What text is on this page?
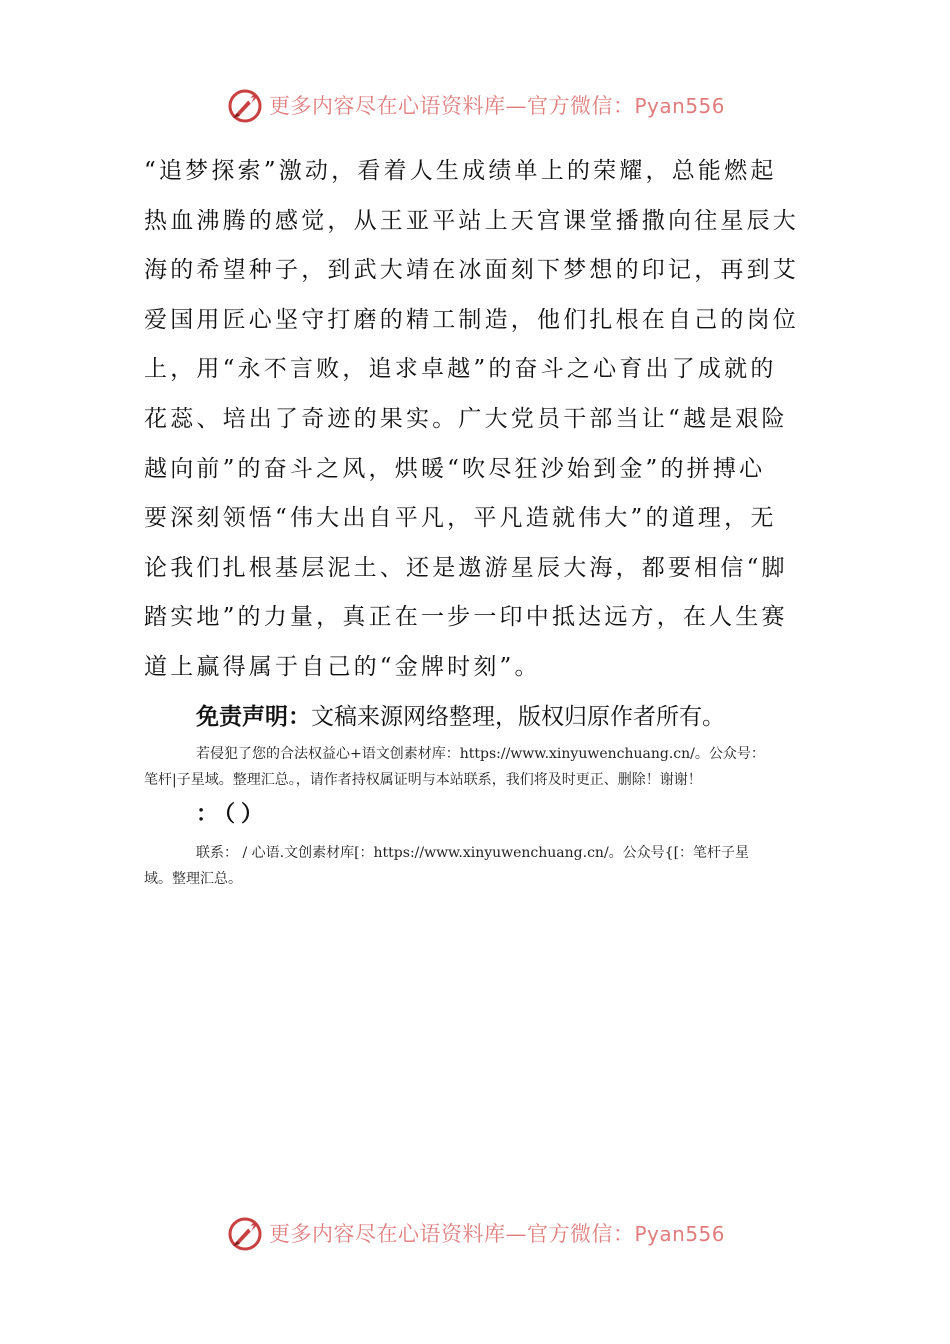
更多内容尽在心语资料库—官方微信：Pyan556
“追梦探索”激动，看着人生成绩单上的荣耀，总能燃起
热血沸腾的感觉，从王亚平站上天宫课堂播撒向往星辰大
海的希望种子，到武大靖在冰面刻下梦想的印记，再到艾
爱国用匠心坚守打磨的精工制造，他们扎根在自己的岗位
上，用“永不言败，追求卓越”的奋斗之心育出了成就的
花蕊、培出了奇迹的果实。广大党员干部当让“越是艰险
越向前”的奋斗之风，烘暖“吹尽狂沙始到金”的拼搏心
要深刻领悟“伟大出自平凡，平凡造就伟大”的道理，无
论我们扎根基层泥土、还是遨游星辰大海，都要相信“脚
踏实地”的力量，真正在一步一印中抵达远方，在人生赛
道上赢得属于自己的“金牌时刻”。
免责声明：文稿来源网络整理，版权归原作者所有。
若侵犯了您的合法权益心+语文创素材库：https://www.xinyuwenchuang.cn/。公众号：
笔杆|子星域。整理汇总。，请作者持权属证明与本站联系，我们将及时更正、删除！谢谢！
：（）
联系： / 心语.文创素材库[：https://www.xinyuwenchuang.cn/。公众号{[：笔杆子星
域。整理汇总。
更多内容尽在心语资料库—官方微信：Pyan556
